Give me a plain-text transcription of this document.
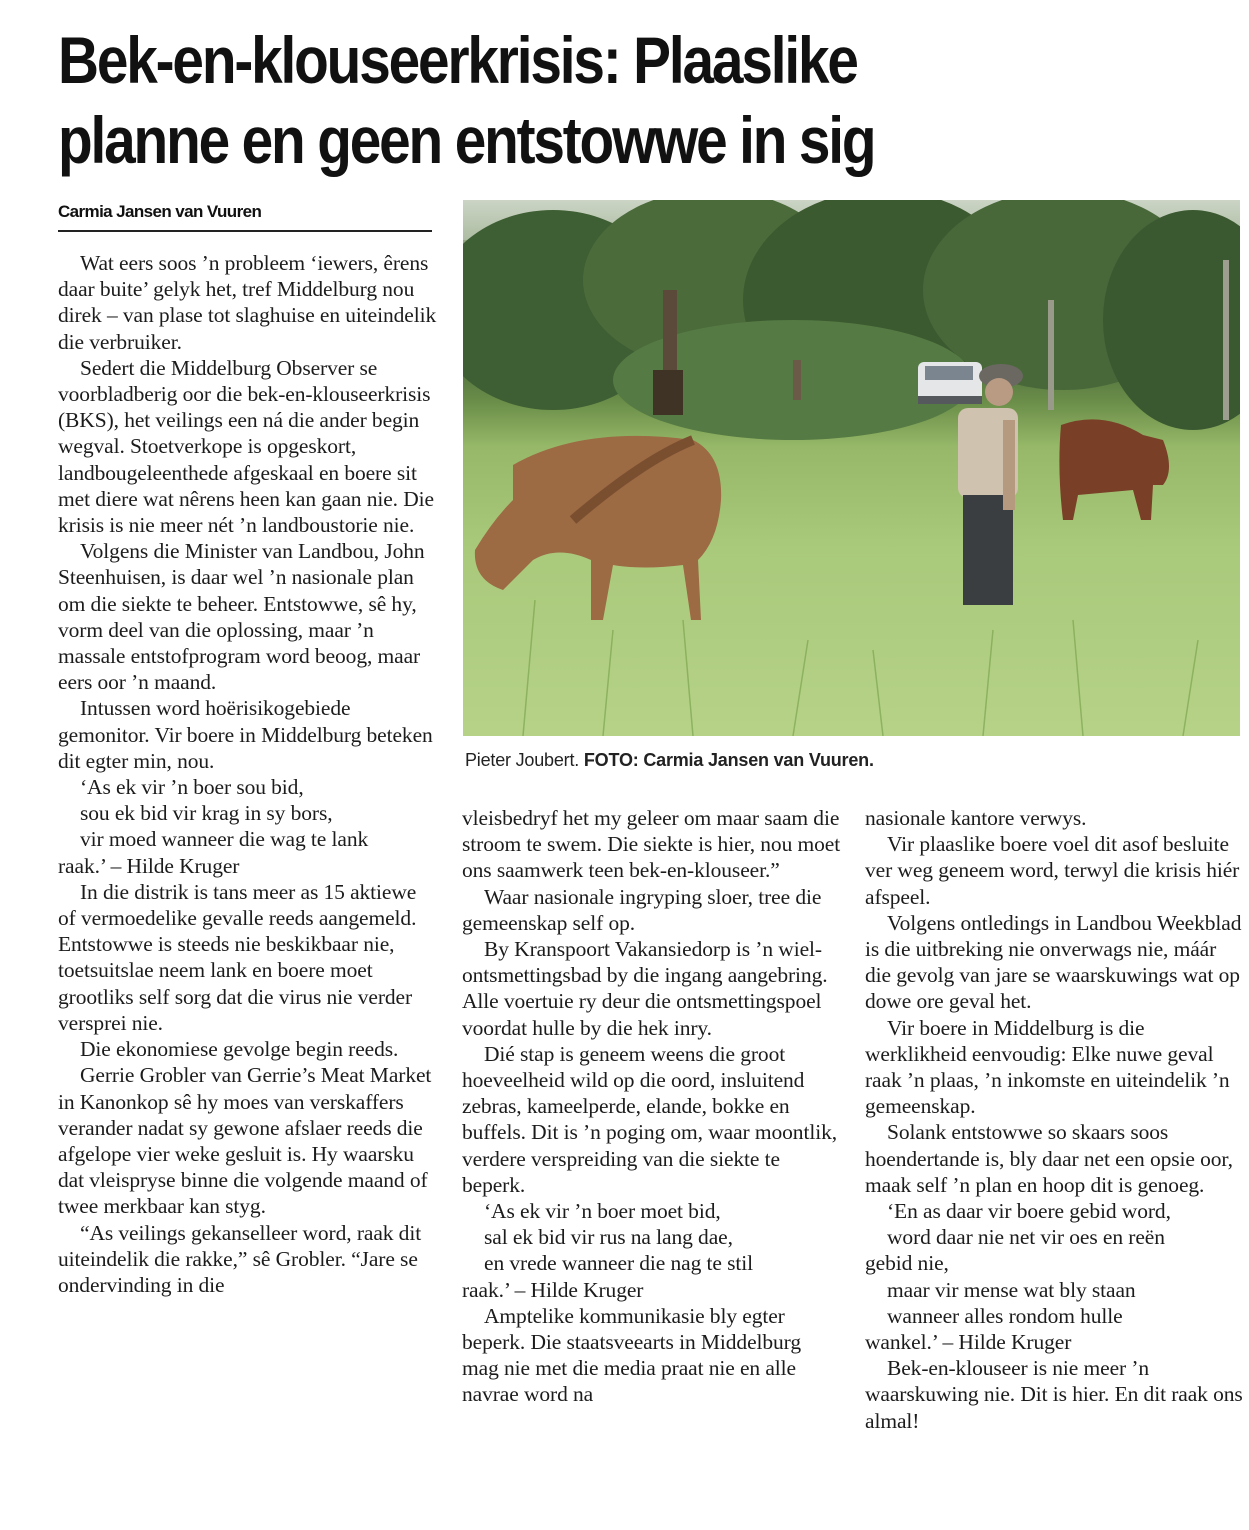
Bek-en-klouseerkrisis: Plaaslike
planne en geen entstowwe in sig
Carmia Jansen van Vuuren
Pieter Joubert. FOTO: Carmia Jansen van Vuuren.

Wat eers soos ’n probleem ‘iewers, êrens daar buite’ gelyk het, tref Middelburg nou direk – van plase tot slaghuise en uiteindelik die verbruiker.

Sedert die Middelburg Observer se voorbladberig oor die bek-en-klouseerkrisis (BKS), het veilings een ná die ander begin wegval. Stoetverkope is opgeskort, landbougeleenthede afgeskaal en boere sit met diere wat nêrens heen kan gaan nie. Die krisis is nie meer nét ’n landboustorie nie.

Volgens die Minister van Landbou, John Steenhuisen, is daar wel ’n nasionale plan om die siekte te beheer. Entstowwe, sê hy, vorm deel van die oplossing, maar ’n massale entstofprogram word beoog, maar eers oor ’n maand.

Intussen word hoërisikogebiede gemonitor. Vir boere in Middelburg beteken dit egter min, nou.

‘As ek vir ’n boer sou bid,

sou ek bid vir krag in sy bors,

vir moed wanneer die wag te lank

raak.’ – Hilde Kruger

In die distrik is tans meer as 15 aktiewe of vermoedelike gevalle reeds aangemeld. Entstowwe is steeds nie beskikbaar nie, toetsuitslae neem lank en boere moet grootliks self sorg dat die virus nie verder versprei nie.

Die ekonomiese gevolge begin reeds.

Gerrie Grobler van Gerrie’s Meat Market in Kanonkop sê hy moes van verskaffers verander nadat sy gewone afslaer reeds die afgelope vier weke gesluit is. Hy waarsku dat vleispryse binne die volgende maand of twee merkbaar kan styg.

“As veilings gekanselleer word, raak dit uiteindelik die rakke,” sê Grobler. “Jare se ondervinding in die

vleisbedryf het my geleer om maar saam die stroom te swem. Die siekte is hier, nou moet ons saamwerk teen bek-en-klouseer.”

Waar nasionale ingryping sloer, tree die gemeenskap self op.

By Kranspoort Vakansiedorp is ’n wiel-ontsmettingsbad by die ingang aangebring. Alle voertuie ry deur die ontsmettingspoel voordat hulle by die hek inry.

Dié stap is geneem weens die groot hoeveelheid wild op die oord, insluitend zebras, kameelperde, elande, bokke en buffels. Dit is ’n poging om, waar moontlik, verdere verspreiding van die siekte te beperk.

‘As ek vir ’n boer moet bid,

sal ek bid vir rus na lang dae,

en vrede wanneer die nag te stil

raak.’ – Hilde Kruger

Amptelike kommunikasie bly egter beperk. Die staatsveearts in Middelburg mag nie met die media praat nie en alle navrae word na

nasionale kantore verwys.

Vir plaaslike boere voel dit asof besluite ver weg geneem word, terwyl die krisis hiér afspeel.

Volgens ontledings in Landbou Weekblad is die uitbreking nie onverwags nie, máár die gevolg van jare se waarskuwings wat op dowe ore geval het.

Vir boere in Middelburg is die werklikheid eenvoudig: Elke nuwe geval raak ’n plaas, ’n inkomste en uiteindelik ’n gemeenskap.

Solank entstowwe so skaars soos hoendertande is, bly daar net een opsie oor, maak self ’n plan en hoop dit is genoeg.

‘En as daar vir boere gebid word,

word daar nie net vir oes en reën

gebid nie,

maar vir mense wat bly staan

wanneer alles rondom hulle

wankel.’ – Hilde Kruger

Bek-en-klouseer is nie meer ’n waarskuwing nie. Dit is hier. En dit raak ons almal!
